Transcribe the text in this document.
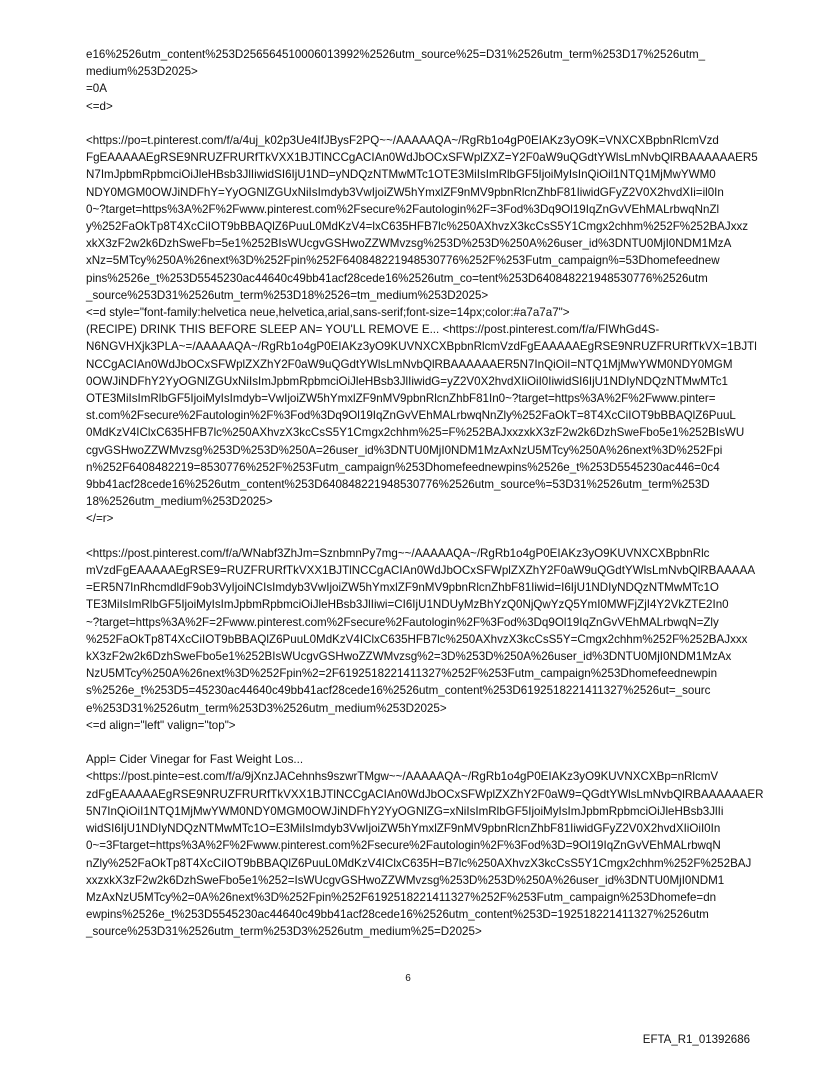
e16%2526utm_content%253D256564510006013992%2526utm_source%25=D31%2526utm_term%253D17%2526utm_
medium%253D2025>
=0A
<=d>
<https://po=t.pinterest.com/f/a/4uj_k02p3Ue4IfJBysF2PQ~~/AAAAAQA~/RgRb1o4gP0EIAKz3yO9K=VNXCXBpbnRlcmVzd
FgEAAAAAEgRSE9NRUZFRURfTkVXX1BJTlNCCgACIAn0WdJbOCxSFWplZXZ=Y2F0aW9uQGdtYWlsLmNvbQlRBAAAAAAER5
N7ImJpbmRpbmciOiJleHBsb3JlIiwidSI6IjU1ND=yNDQzNTMwMTc1OTE3MiIsImRlbGF5IjoiMyIsInQiOil1NTQ1MjMwYWM0
NDY0MGM0OWJiNDFhY=YyOGNlZGUxNiIsImdyb3VwIjoiZW5hYmxlZF9nMV9pbnRlcnZhbF81IiwidGFyZ2V0X2hvdXIi=il0In
0~?target=https%3A%2F%2Fwww.pinterest.com%2Fsecure%2Fautologin%2F=3Fod%3Dq9Ol19IqZnGvVEhMALrbwqNnZl
y%252FaOkTp8T4XcCiIOT9bBBAQlZ6PuuL0MdKzV4=lxC635HFB7lc%250AXhvzX3kcCsS5Y1Cmgx2chhm%252F%252BAJxxz
xkX3zF2w2k6DzhSweFb=5e1%252BIsWUcgvGSHwoZZWMvzsg%253D%253D%250A%26user_id%3DNTU0MjI0NDM1MzA
xNz=5MTcy%250A%26next%3D%252Fpin%252F640848221948530776%252F%253Futm_campaign%=53Dhomefeednew
pins%2526e_t%253D5545230ac44640c49bb41acf28cede16%2526utm_co=tent%253D640848221948530776%2526utm
_source%253D31%2526utm_term%253D18%2526=tm_medium%253D2025>
<=d style="font-family:helvetica neue,helvetica,arial,sans-serif;font-size=14px;color:#a7a7a7">
(RECIPE) DRINK THIS BEFORE SLEEP AN= YOU'LL REMOVE E... <https://post.pinterest.com/f/a/FIWhGd4S-
N6NGVHXjk3PLA~=/AAAAAQA~/RgRb1o4gP0EIAKz3yO9KUVNXCXBpbnRlcmVzdFgEAAAAAEgRSE9NRUZFRURfTkVX=1BJTl
NCCgACIAn0WdJbOCxSFWplZXZhY2F0aW9uQGdtYWlsLmNvbQlRBAAAAAAER5N7InQiOiI=NTQ1MjMwYWM0NDY0MGM
0OWJiNDFhY2YyOGNlZGUxNiIsImJpbmRpbmciOiJleHBsb3JlIiwidG=yZ2V0X2hvdXIiOiI0IiwidSI6IjU1NDIyNDQzNTMwMTc1
OTE3MiIsImRlbGF5IjoiMyIsImdyb=VwIjoiZW5hYmxlZF9nMV9pbnRlcnZhbF81In0~?target=https%3A%2F%2Fwww.pinter=
st.com%2Fsecure%2Fautologin%2F%3Fod%3Dq9Ol19IqZnGvVEhMALrbwqNnZly%252FaOkT=8T4XcCiIOT9bBBAQlZ6PuuL
0MdKzV4IClxC635HFB7lc%250AXhvzX3kcCsS5Y1Cmgx2chhm%25=F%252BAJxxzxkX3zF2w2k6DzhSweFbo5e1%252BIsWU
cgvGSHwoZZWMvzsg%253D%253D%250A=26user_id%3DNTU0MjI0NDM1MzAxNzU5MTcy%250A%26next%3D%252Fpi
n%252F6408482219=8530776%252F%253Futm_campaign%253Dhomefeednewpins%2526e_t%253D5545230ac446=0c4
9bb41acf28cede16%2526utm_content%253D640848221948530776%2526utm_source%=53D31%2526utm_term%253D
18%2526utm_medium%253D2025>
</=r>
<https://post.pinterest.com/f/a/WNabf3ZhJm=SznbmnPy7mg~~/AAAAAQA~/RgRb1o4gP0EIAKz3yO9KUVNXCXBpbnRlc
mVzdFgEAAAAAEgRSE9=RUZFRURfTkVXX1BJTlNCCgACIAn0WdJbOCxSFWplZXZhY2F0aW9uQGdtYWlsLmNvbQlRBAAAAA
=ER5N7InRhcmdldF9ob3VyIjoiNCIsImdyb3VwIjoiZW5hYmxlZF9nMV9pbnRlcnZhbF81Iiwid=I6IjU1NDIyNDQzNTMwMTc1O
TE3MiIsImRlbGF5IjoiMyIsImJpbmRpbmciOiJleHBsb3JlIiwi=CI6IjU1NDUyMzBhYzQ0NjQwYzQ5YmI0MWFjZjI4Y2VkZTE2In0
~?target=https%3A%2F=2Fwww.pinterest.com%2Fsecure%2Fautologin%2F%3Fod%3Dq9Ol19IqZnGvVEhMALrbwqN=Zly
%252FaOkTp8T4XcCiIOT9bBBAQlZ6PuuL0MdKzV4IClxC635HFB7lc%250AXhvzX3kcCsS5Y=Cmgx2chhm%252F%252BAJxxx
kX3zF2w2k6DzhSweFbo5e1%252BIsWUcgvGSHwoZZWMvzsg%2=3D%253D%250A%26user_id%3DNTU0MjI0NDM1MzAx
NzU5MTcy%250A%26next%3D%252Fpin%2=2F6192518221411327%252F%253Futm_campaign%253Dhomefeednewpin
s%2526e_t%253D5=45230ac44640c49bb41acf28cede16%2526utm_content%253D6192518221411327%2526ut=_sourc
e%253D31%2526utm_term%253D3%2526utm_medium%253D2025>
<=d align="left" valign="top">
Appl= Cider Vinegar for Fast Weight Los...
<https://post.pinte=est.com/f/a/9jXnzJACehnhs9szwrTMgw~~/AAAAAQA~/RgRb1o4gP0EIAKz3yO9KUVNXCXBp=nRlcmV
zdFgEAAAAAEgRSE9NRUZFRURfTkVXX1BJTlNCCgACIAn0WdJbOCxSFWplZXZhY2F0aW9=QGdtYWlsLmNvbQlRBAAAAAAER
5N7InQiOiI1NTQ1MjMwYWM0NDY0MGM0OWJiNDFhY2YyOGNlZG=xNiIsImRlbGF5IjoiMyIsImJpbmRpbmciOiJleHBsb3JlIi
widSI6IjU1NDIyNDQzNTMwMTc1O=E3MiIsImdyb3VwIjoiZW5hYmxlZF9nMV9pbnRlcnZhbF81IiwidGFyZ2V0X2hvdXIiOiI0In
0~=3Ftarget=https%3A%2F%2Fwww.pinterest.com%2Fsecure%2Fautologin%2F%3Fod%3D=9Ol19IqZnGvVEhMALrbwqN
nZly%252FaOkTp8T4XcCiIOT9bBBAQlZ6PuuL0MdKzV4IClxC635H=B7lc%250AXhvzX3kcCsS5Y1Cmgx2chhm%252F%252BAJ
xxzxkX3zF2w2k6DzhSweFbo5e1%252=IsWUcgvGSHwoZZWMvzsg%253D%253D%250A%26user_id%3DNTU0MjI0NDM1
MzAxNzU5MTcy%2=0A%26next%3D%252Fpin%252F6192518221411327%252F%253Futm_campaign%253Dhomefe=dn
ewpins%2526e_t%253D5545230ac44640c49bb41acf28cede16%2526utm_content%253D=192518221411327%2526utm
_source%253D31%2526utm_term%253D3%2526utm_medium%25=D2025>
6
EFTA_R1_01392686
